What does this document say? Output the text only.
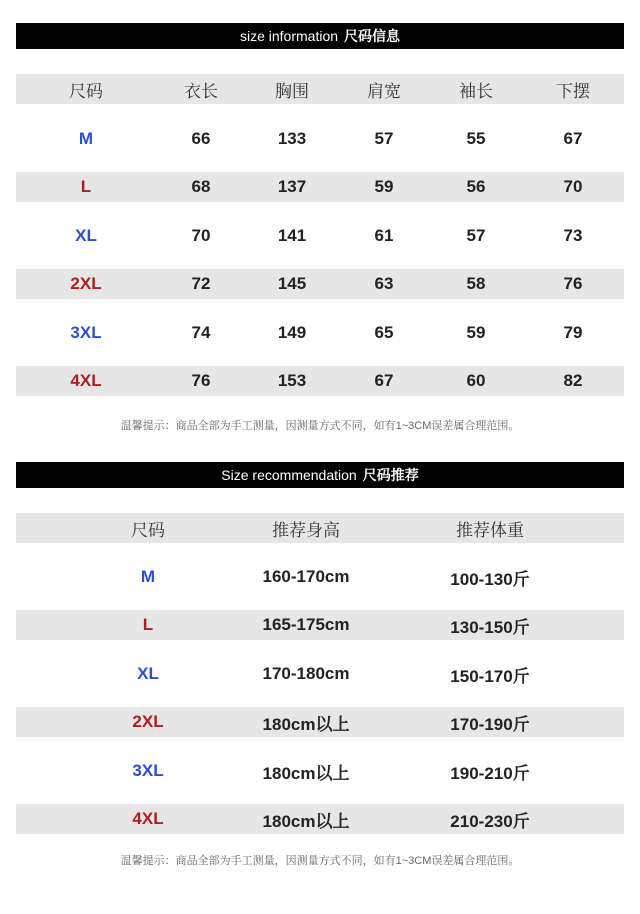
size information 尺码信息
尺码	衣长	胸围	肩宽	袖长	下摆
M	66	133	57	55	67
L	68	137	59	56	70
XL	70	141	61	57	73
2XL	72	145	63	58	76
3XL	74	149	65	59	79
4XL	76	153	67	60	82
温馨提示：商品全部为手工测量，因测量方式不同，如有1~3CM误差属合理范围。
Size recommendation 尺码推荐
尺码	推荐身高	推荐体重
M	160-170cm	100-130斤
L	165-175cm	130-150斤
XL	170-180cm	150-170斤
2XL	180cm以上	170-190斤
3XL	180cm以上	190-210斤
4XL	180cm以上	210-230斤
温馨提示：商品全部为手工测量，因测量方式不同，如有1~3CM误差属合理范围。
